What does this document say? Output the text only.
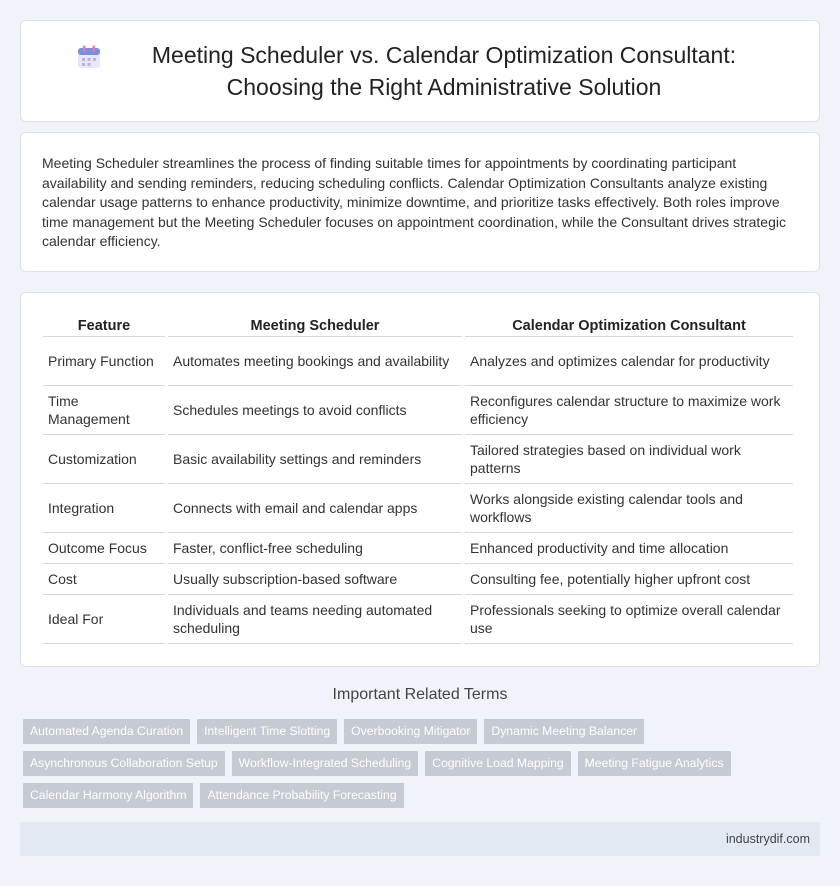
Meeting Scheduler vs. Calendar Optimization Consultant: Choosing the Right Administrative Solution

Meeting Scheduler streamlines the process of finding suitable times for appointments by coordinating participant availability and sending reminders, reducing scheduling conflicts. Calendar Optimization Consultants analyze existing calendar usage patterns to enhance productivity, minimize downtime, and prioritize tasks effectively. Both roles improve time management but the Meeting Scheduler focuses on appointment coordination, while the Consultant drives strategic calendar efficiency.

Feature	Meeting Scheduler	Calendar Optimization Consultant
Primary Function	Automates meeting bookings and availability	Analyzes and optimizes calendar for productivity
Time Management	Schedules meetings to avoid conflicts	Reconfigures calendar structure to maximize work efficiency
Customization	Basic availability settings and reminders	Tailored strategies based on individual work patterns
Integration	Connects with email and calendar apps	Works alongside existing calendar tools and workflows
Outcome Focus	Faster, conflict-free scheduling	Enhanced productivity and time allocation
Cost	Usually subscription-based software	Consulting fee, potentially higher upfront cost
Ideal For	Individuals and teams needing automated scheduling	Professionals seeking to optimize overall calendar use
Important Related Terms
Automated Agenda Curation	Intelligent Time Slotting	Overbooking Mitigator	Dynamic Meeting Balancer
Asynchronous Collaboration Setup	Workflow-Integrated Scheduling	Cognitive Load Mapping	Meeting Fatigue Analytics
Calendar Harmony Algorithm	Attendance Probability Forecasting
industrydif.com
